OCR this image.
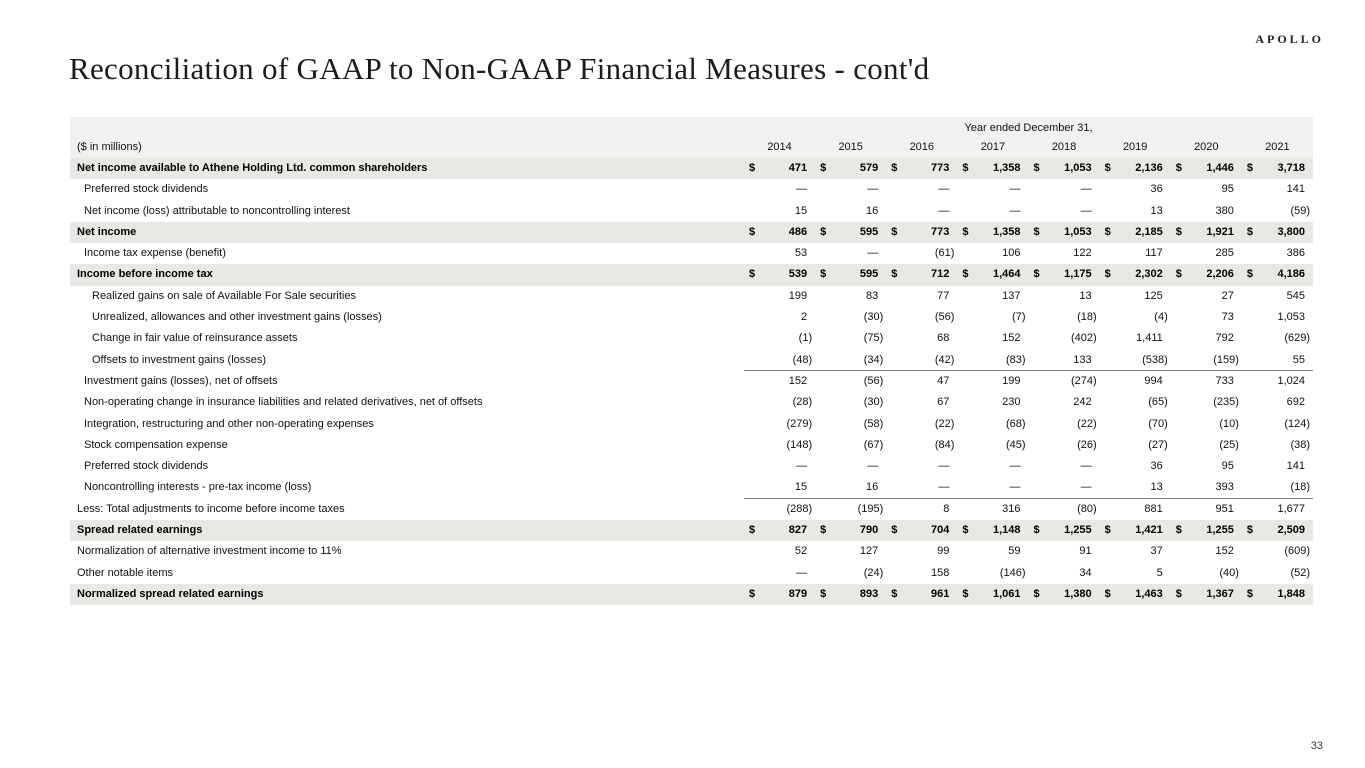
Reconciliation of GAAP to Non-GAAP Financial Measures - cont'd
APOLLO
Year ended December 31,
($ in millions)	2014	2015	2016	2017	2018	2019	2020	2021
Net income available to Athene Holding Ltd. common shareholders	$	471 $	579 $	773 $ 1,358 $ 1,053 $ 2,136 $ 1,446 $ 3,718
Preferred stock dividends	—	—	—	—	—	36	95	141
Net income (loss) attributable to noncontrolling interest	15	16	—	—	—	13	380	(59)
Net income	$	486 $	595 $	773 $ 1,358 $ 1,053 $ 2,185 $ 1,921 $ 3,800
Income tax expense (benefit)	53	—	(61)	106	122	117	285	386
Income before income tax	$	539 $	595 $	712 $ 1,464 $ 1,175 $ 2,302 $ 2,206 $ 4,186
Realized gains on sale of Available For Sale securities	199	83	77	137	13	125	27	545
Unrealized, allowances and other investment gains (losses)	2	(30)	(56)	(7)	(18)	(4)	73	1,053
Change in fair value of reinsurance assets	(1)	(75)	68	152	(402)	1,411	792	(629)
Offsets to investment gains (losses)	(48)	(34)	(42)	(83)	133	(538)	(159)	55
Investment gains (losses), net of offsets	152	(56)	47	199	(274)	994	733	1,024
Non-operating change in insurance liabilities and related derivatives, net of offsets	(28)	(30)	67	230	242	(65)	(235)	692
Integration, restructuring and other non-operating expenses	(279)	(58)	(22)	(68)	(22)	(70)	(10)	(124)
Stock compensation expense	(148)	(67)	(84)	(45)	(26)	(27)	(25)	(38)
Preferred stock dividends	—	—	—	—	—	36	95	141
Noncontrolling interests - pre-tax income (loss)	15	16	—	—	—	13	393	(18)
Less: Total adjustments to income before income taxes	(288)	(195)	8	316	(80)	881	951	1,677
Spread related earnings	$	827 $	790 $	704 $ 1,148 $ 1,255 $ 1,421 $ 1,255 $ 2,509
Normalization of alternative investment income to 11%	52	127	99	59	91	37	152	(609)
Other notable items	—	(24)	158	(146)	34	5	(40)	(52)
Normalized spread related earnings	$	879 $	893 $	961 $ 1,061 $ 1,380 $ 1,463 $ 1,367 $ 1,848
33
